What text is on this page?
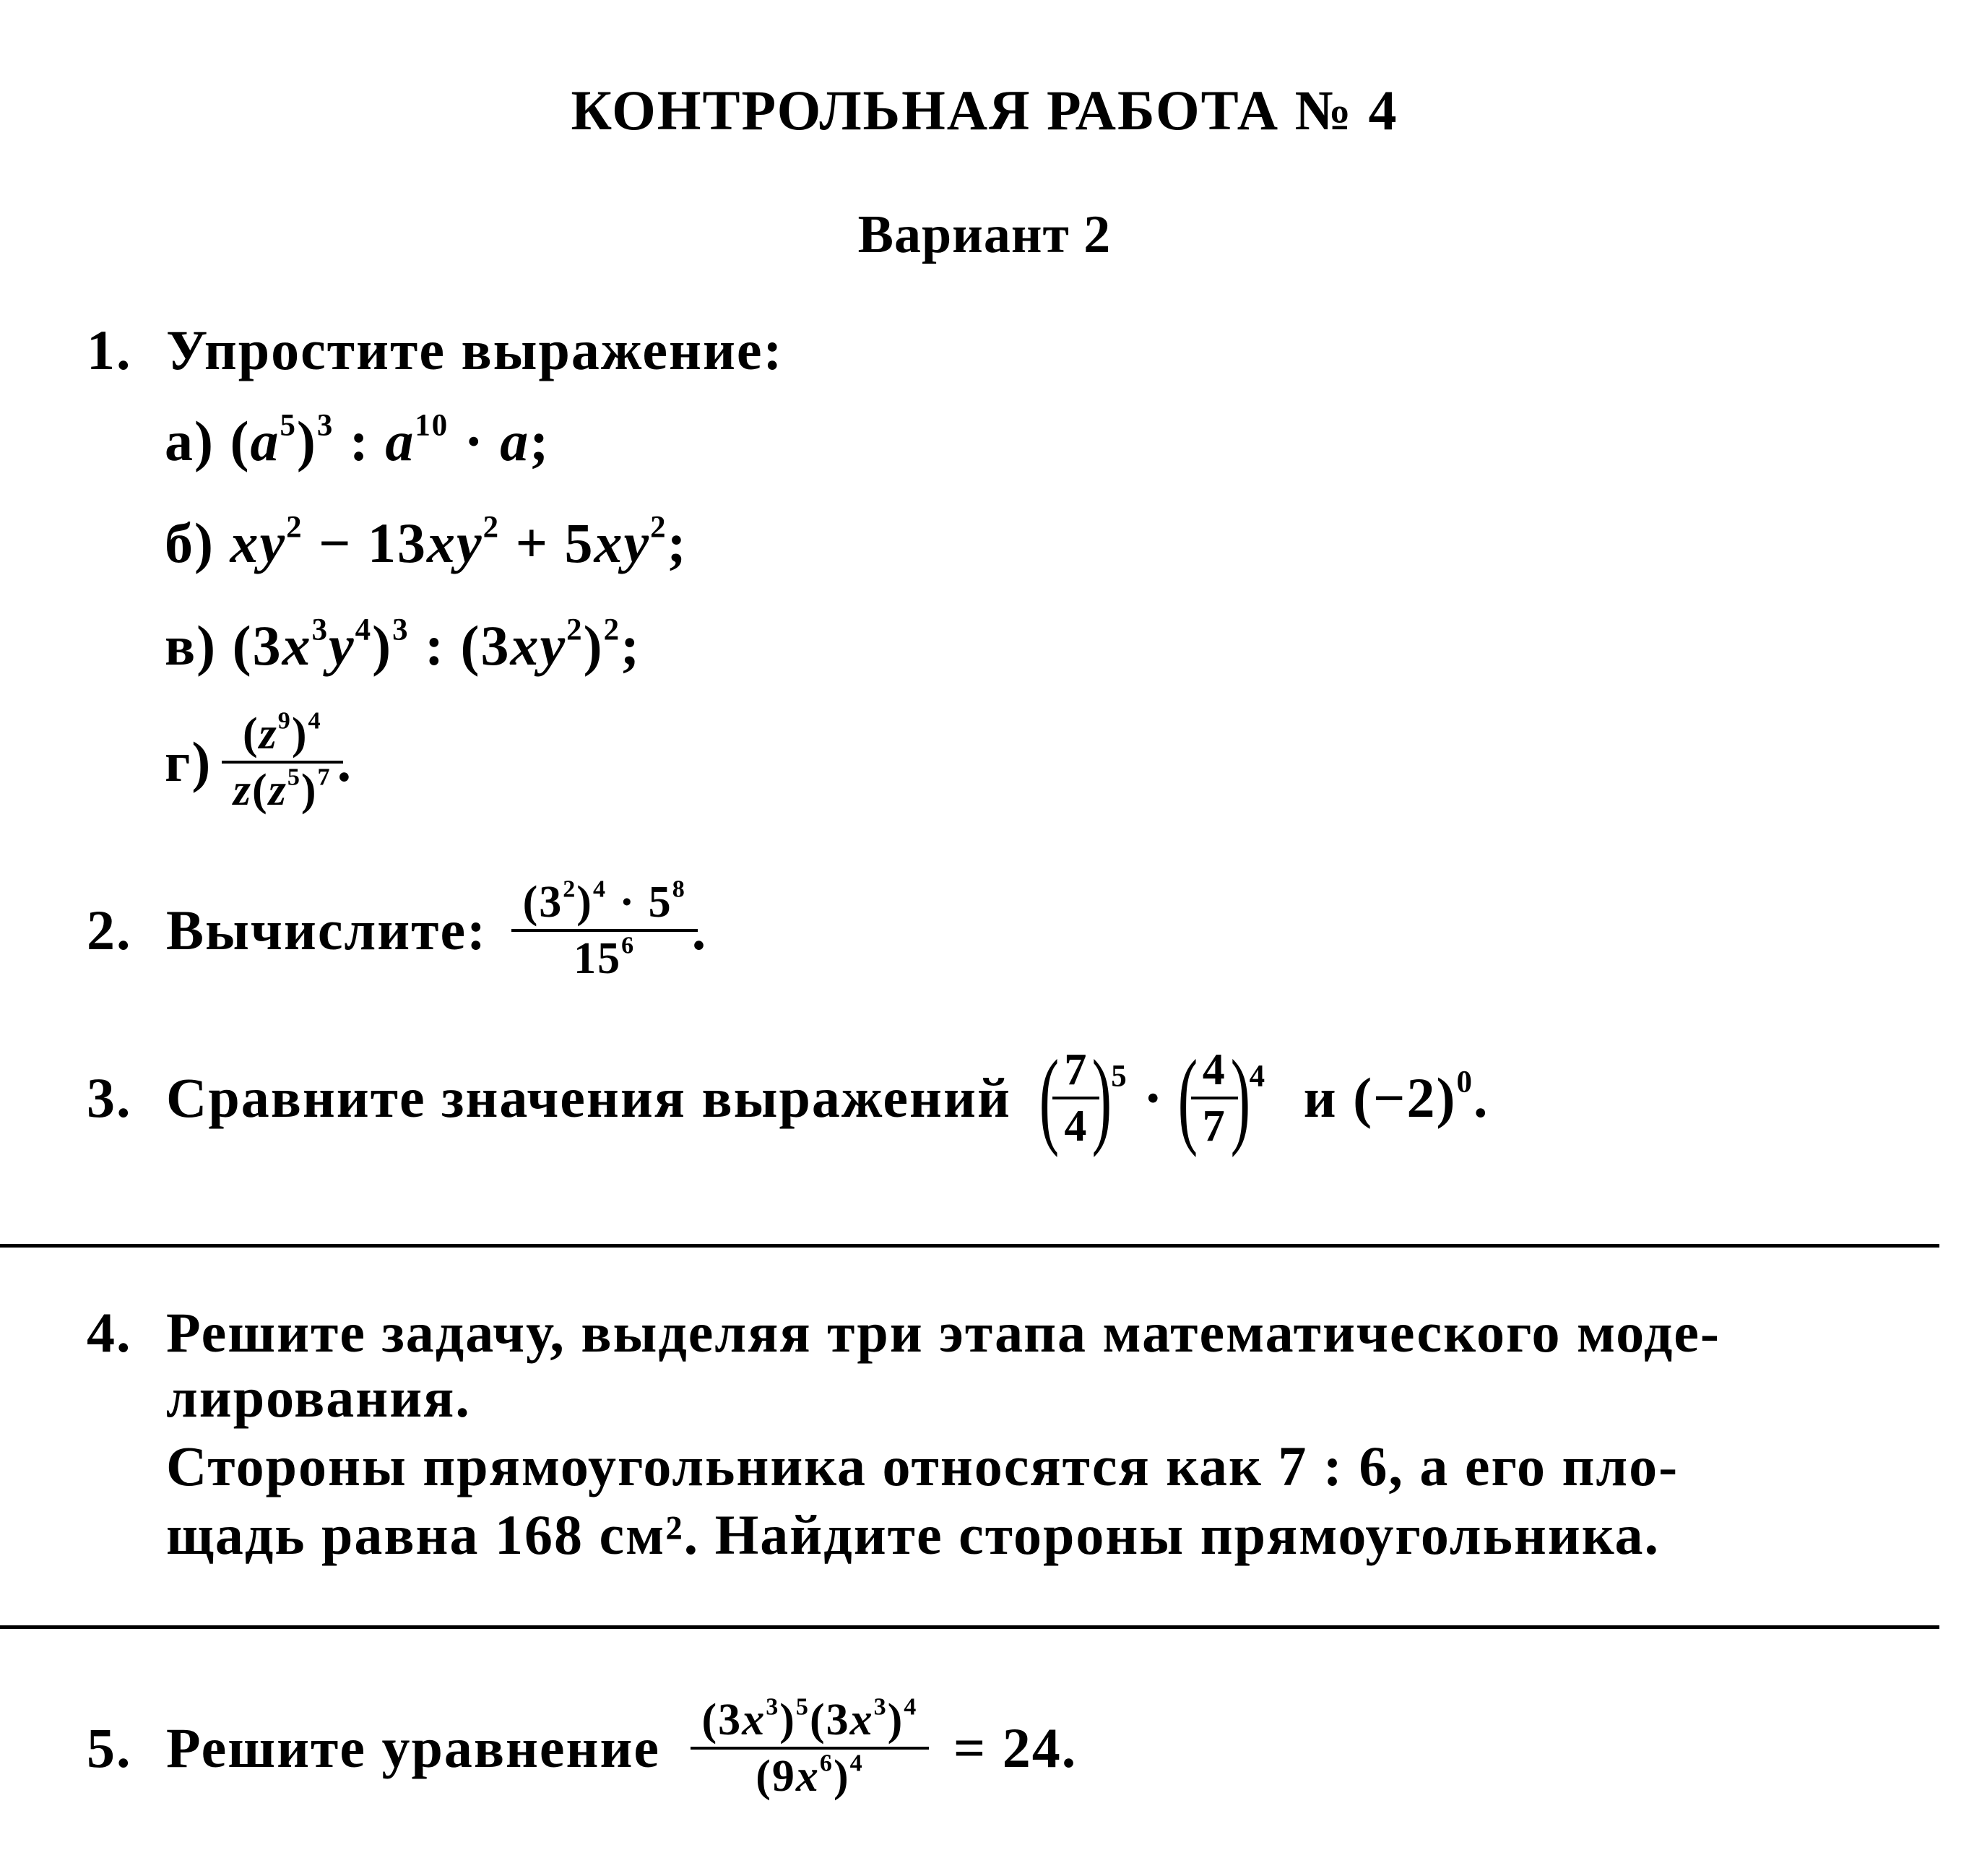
КОНТРОЛЬНАЯ РАБОТА № 4
Вариант 2
1. Упростите выражение:
а) $(a^5)^3$ : $a^{10} \cdot a$;
б) $xy^2 - 13xy^2 + 5xy^2$;
в) $(3x^3y^4)^3$ : $(3xy^2)^2$;
$г) \frac{(z^9)^4}{z(z^5)^7}$ .
2. Вычислите: $\frac{(3^2)^4 \cdot 5^8}{15^6}$ .
3. Сравните значения выражений (
$\frac{7}{4}$
)$^5$ · (
$\frac{4}{7}$
)$^4$ и $(-2)^0$.
4. Решите задачу, выделяя три этапа математического моде-
лирования.
Стороны прямоугольника относятся как 7 : 6, а его пло-
щадь равна 168 см². Найдите стороны прямоугольника.
5. Решите уравнение $\frac{(3x^3)^5(3x^3)^4}{(9x^6)^4} = 24$.
